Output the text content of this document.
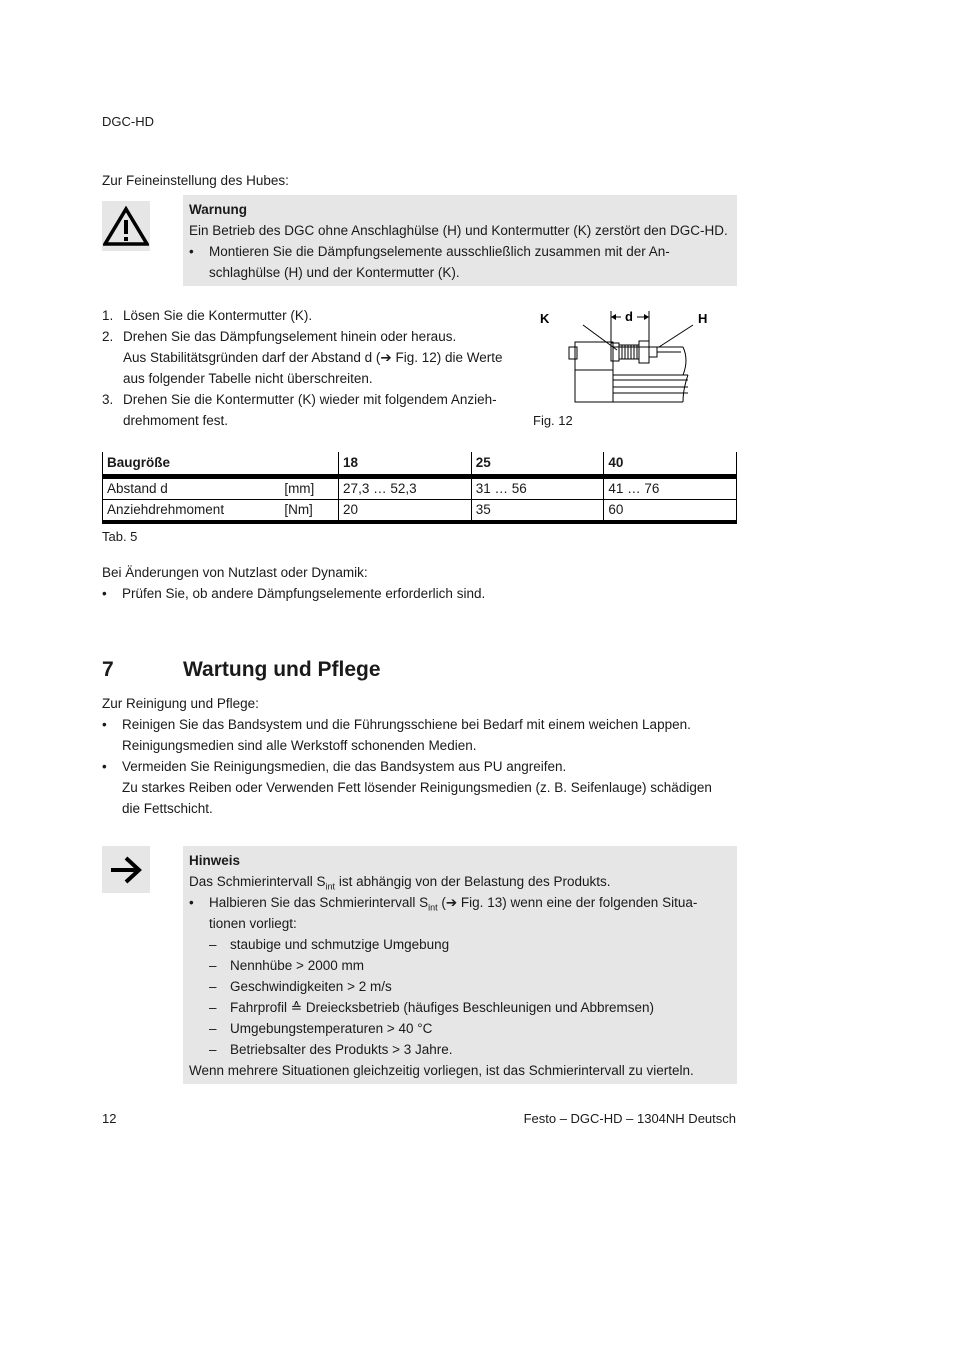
DGC-HD
Zur Feineinstellung des Hubes:
Warnung
Ein Betrieb des DGC ohne Anschlaghülse (H) und Kontermutter (K) zerstört den DGC-HD.
• Montieren Sie die Dämpfungselemente ausschließlich zusammen mit der An-
schlaghülse (H) und der Kontermutter (K).
1. Lösen Sie die Kontermutter (K).
2. Drehen Sie das Dämpfungselement hinein oder heraus.
Aus Stabilitätsgründen darf der Abstand d (➔ Fig. 12) die Werte
aus folgender Tabelle nicht überschreiten.
3. Drehen Sie die Kontermutter (K) wieder mit folgendem Anzieh-
drehmoment fest.
K	d	H
Fig. 12
Baugröße		18	25	40
Abstand d	[mm]	27,3 … 52,3	31 … 56	41 … 76
Anziehdrehmoment	[Nm]	20	35	60
Tab. 5
Bei Änderungen von Nutzlast oder Dynamik:
• Prüfen Sie, ob andere Dämpfungselemente erforderlich sind.
7	Wartung und Pflege
Zur Reinigung und Pflege:
• Reinigen Sie das Bandsystem und die Führungsschiene bei Bedarf mit einem weichen Lappen.
Reinigungsmedien sind alle Werkstoff schonenden Medien.
• Vermeiden Sie Reinigungsmedien, die das Bandsystem aus PU angreifen.
Zu starkes Reiben oder Verwenden Fett lösender Reinigungsmedien (z. B. Seifenlauge) schädigen
die Fettschicht.
Hinweis
Das Schmierintervall $S_{int}$ ist abhängig von der Belastung des Produkts.
• Halbieren Sie das Schmierintervall $S_{int}$ (➔ Fig. 13) wenn eine der folgenden Situa-
tionen vorliegt:
– staubige und schmutzige Umgebung
– Nennhübe > 2000 mm
– Geschwindigkeiten > 2 m/s
– Fahrprofil ≙ Dreiecksbetrieb (häufiges Beschleunigen und Abbremsen)
– Umgebungstemperaturen > 40 °C
– Betriebsalter des Produkts > 3 Jahre.
Wenn mehrere Situationen gleichzeitig vorliegen, ist das Schmierintervall zu vierteln.
12	Festo – DGC-HD – 1304NH Deutsch
